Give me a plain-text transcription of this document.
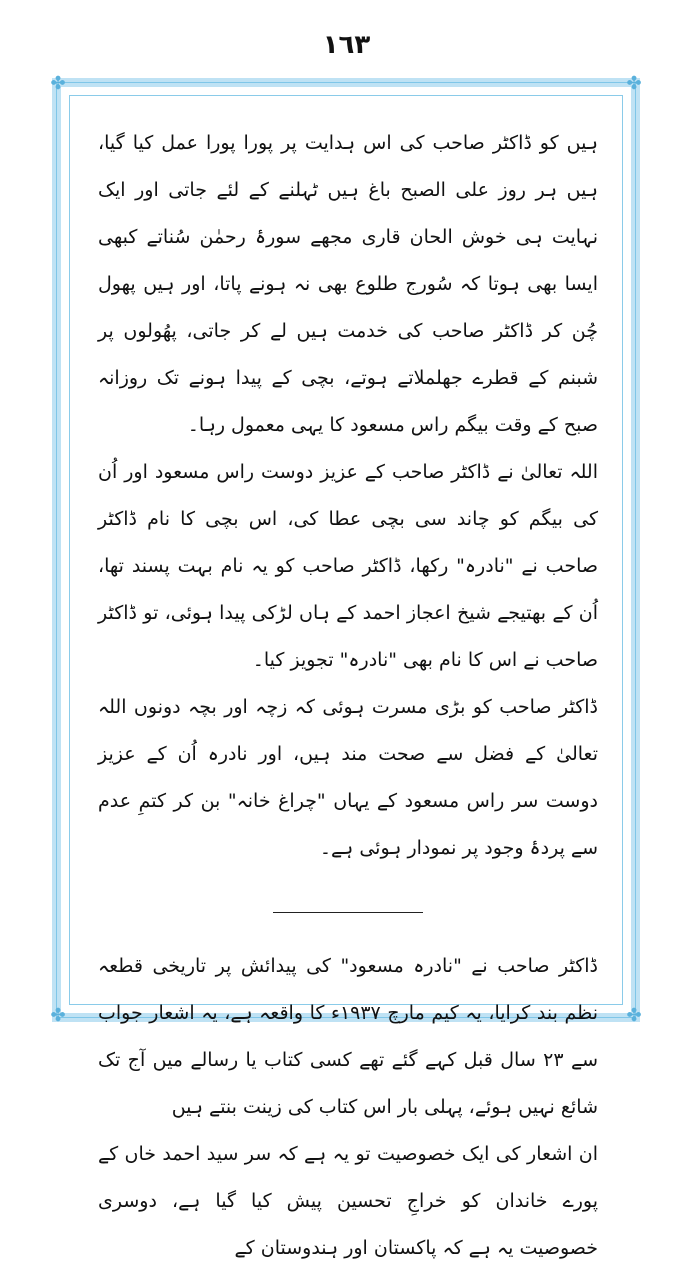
١٦٣
✤	✤
✤	✤

ہیں کو ڈاکٹر صاحب کی اس ہدایت پر پورا پورا عمل کیا گیا، ہیں ہر روز علی الصبح باغ ہیں ٹہلنے کے لئے جاتی اور ایک نہایت ہی خوش الحان قاری مجھے سورۂ رحمٰن سُناتے کبھی ایسا بھی ہوتا کہ سُورج طلوع بھی نہ ہونے پاتا، اور ہیں پھول چُن کر ڈاکٹر صاحب کی خدمت ہیں لے کر جاتی، پھُولوں پر شبنم کے قطرے جھلملاتے ہوتے، بچی کے پیدا ہونے تک روزانہ صبح کے وقت بیگم راس مسعود کا یہی معمول رہا۔

اللہ تعالیٰ نے ڈاکٹر صاحب کے عزیز دوست راس مسعود اور اُن کی بیگم کو چاند سی بچی عطا کی، اس بچی کا نام ڈاکٹر صاحب نے "نادرہ" رکھا، ڈاکٹر صاحب کو یہ نام بہت پسند تھا، اُن کے بھتیجے شیخ اعجاز احمد کے ہاں لڑکی پیدا ہوئی، تو ڈاکٹر صاحب نے اس کا نام بھی "نادرہ" تجویز کیا۔

ڈاکٹر صاحب کو بڑی مسرت ہوئی کہ زچہ اور بچہ دونوں اللہ تعالیٰ کے فضل سے صحت مند ہیں، اور نادرہ اُن کے عزیز دوست سر راس مسعود کے یہاں "چراغ خانہ" بن کر کتمِ عدم سے پردۂ وجود پر نمودار ہوئی ہے۔

ڈاکٹر صاحب نے "نادرہ مسعود" کی پیدائش پر تاریخی قطعہ نظم بند کرایا، یہ کیم مارچ ١٩٣٧ء کا واقعہ ہے، یہ اشعار جواب سے ٢٣ سال قبل کہے گئے تھے کسی کتاب یا رسالے میں آج تک شائع نہیں ہوئے، پہلی بار اس کتاب کی زینت بنتے ہیں

ان اشعار کی ایک خصوصیت تو یہ ہے کہ سر سید احمد خاں کے پورے خاندان کو خراجِ تحسین پیش کیا گیا ہے، دوسری خصوصیت یہ ہے کہ پاکستان اور ہندوستان کے
